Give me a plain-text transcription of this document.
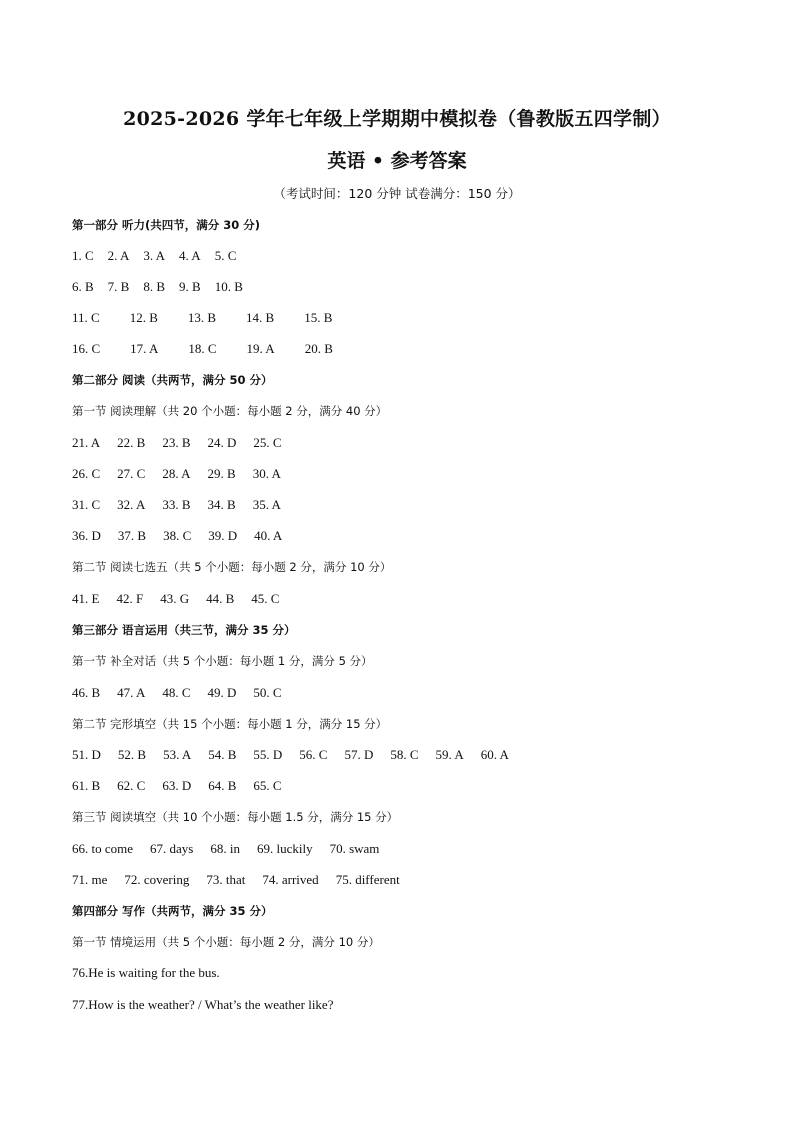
2025-2026 学年七年级上学期期中模拟卷（鲁教版五四学制）
英语 • 参考答案
（考试时间：120 分钟 试卷满分：150 分）
第一部分 听力(共四节，满分 30 分)
1. C 2. A 3. A 4. A 5. C
6. B 7. B 8. B 9. B 10. B
11. C 12. B 13. B 14. B 15. B
16. C 17. A 18. C 19. A 20. B
第二部分 阅读（共两节，满分 50 分）
第一节 阅读理解（共 20 个小题：每小题 2 分，满分 40 分）
21. A 22. B 23. B 24. D 25. C
26. C 27. C 28. A 29. B 30. A
31. C 32. A 33. B 34. B 35. A
36. D 37. B 38. C 39. D 40. A
第二节 阅读七选五（共 5 个小题：每小题 2 分，满分 10 分）
41. E 42. F 43. G 44. B 45. C
第三部分 语言运用（共三节，满分 35 分）
第一节 补全对话（共 5 个小题：每小题 1 分，满分 5 分）
46. B 47. A 48. C 49. D 50. C
第二节 完形填空（共 15 个小题：每小题 1 分，满分 15 分）
51. D 52. B 53. A 54. B 55. D 56. C 57. D 58. C 59. A 60. A
61. B 62. C 63. D 64. B 65. C
第三节 阅读填空（共 10 个小题：每小题 1.5 分，满分 15 分）
66. to come 67. days 68. in 69. luckily 70. swam
71. me 72. covering 73. that 74. arrived 75. different
第四部分 写作（共两节，满分 35 分）
第一节 情境运用（共 5 个小题：每小题 2 分，满分 10 分）
76.He is waiting for the bus.
77.How is the weather? / What’s the weather like?
